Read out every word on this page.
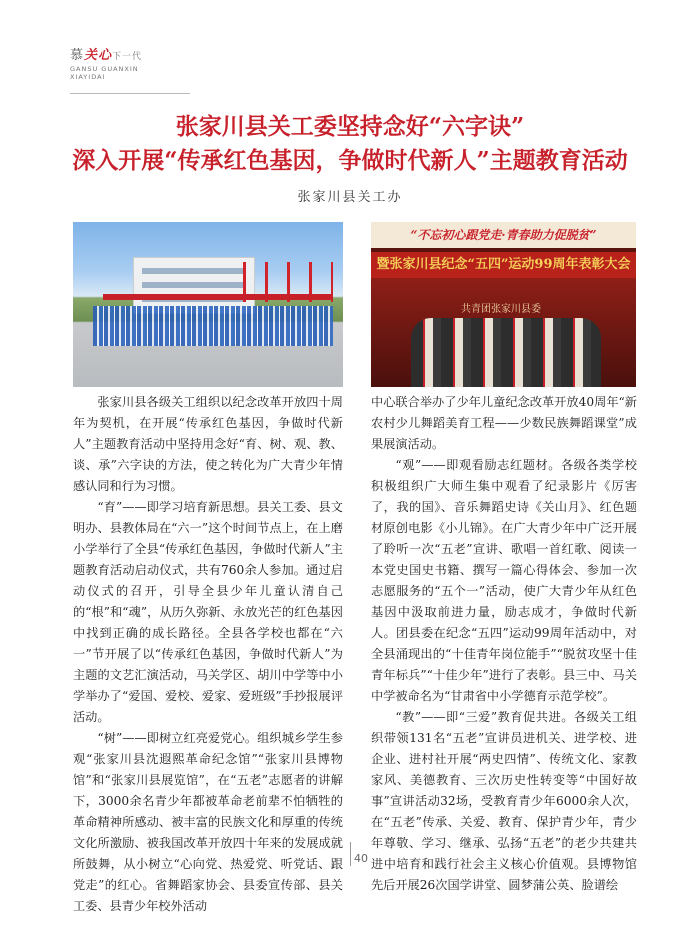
慕关心下一代
GANSU GUANXIN
XIAYIDAI
张家川县关工委坚持念好“六字诀”
深入开展“传承红色基因，争做时代新人”主题教育活动
张家川县关工办
“不忘初心跟党走·青春助力促脱贫”
暨张家川县纪念“五四”运动99周年表彰大会
共青团张家川县委

张家川县各级关工组织以纪念改革开放四十周年为契机，在开展“传承红色基因，争做时代新人”主题教育活动中坚持用念好“育、树、观、教、谈、承”六字诀的方法，使之转化为广大青少年情感认同和行为习惯。

“育”——即学习培育新思想。县关工委、县文明办、县教体局在“六一”这个时间节点上，在上磨小学举行了全县“传承红色基因，争做时代新人”主题教育活动启动仪式，共有760余人参加。通过启动仪式的召开，引导全县少年儿童认清自己的“根”和“魂”，从历久弥新、永放光芒的红色基因中找到正确的成长路径。全县各学校也都在“六一”节开展了以“传承红色基因，争做时代新人”为主题的文艺汇演活动，马关学区、胡川中学等中小学举办了“爱国、爱校、爱家、爱班级”手抄报展评活动。

“树”——即树立红亮爱党心。组织城乡学生参观“张家川县沈遐熙革命纪念馆”“张家川县博物馆”和“张家川县展览馆”，在“五老”志愿者的讲解下，3000余名青少年都被革命老前辈不怕牺牲的革命精神所感动、被丰富的民族文化和厚重的传统文化所激励、被我国改革开放四十年来的发展成就所鼓舞，从小树立“心向党、热爱党、听党话、跟党走”的红心。省舞蹈家协会、县委宣传部、县关工委、县青少年校外活动

中心联合举办了少年儿童纪念改革开放40周年“新农村少儿舞蹈美育工程——少数民族舞蹈课堂”成果展演活动。

“观”——即观看励志红题材。各级各类学校积极组织广大师生集中观看了纪录影片《厉害了，我的国》、音乐舞蹈史诗《关山月》、红色题材原创电影《小儿锦》。在广大青少年中广泛开展了聆听一次“五老”宣讲、歌唱一首红歌、阅读一本党史国史书籍、撰写一篇心得体会、参加一次志愿服务的“五个一”活动，使广大青少年从红色基因中汲取前进力量，励志成才，争做时代新人。团县委在纪念“五四”运动99周年活动中，对全县涌现出的“十佳青年岗位能手”“脱贫攻坚十佳青年标兵”“十佳少年”进行了表彰。县三中、马关中学被命名为“甘肃省中小学德育示范学校”。

“教”——即“三爱”教育促共进。各级关工组织带领131名“五老”宣讲员进机关、进学校、进企业、进村社开展“两史四情”、传统文化、家教家风、美德教育、三次历史性转变等“中国好故事”宣讲活动32场，受教育青少年6000余人次，在“五老”传承、关爱、教育、保护青少年，青少年尊敬、学习、继承、弘扬“五老”的老少共建共进中培育和践行社会主义核心价值观。县博物馆先后开展26次国学讲堂、圆梦蒲公英、脸谱绘

40
